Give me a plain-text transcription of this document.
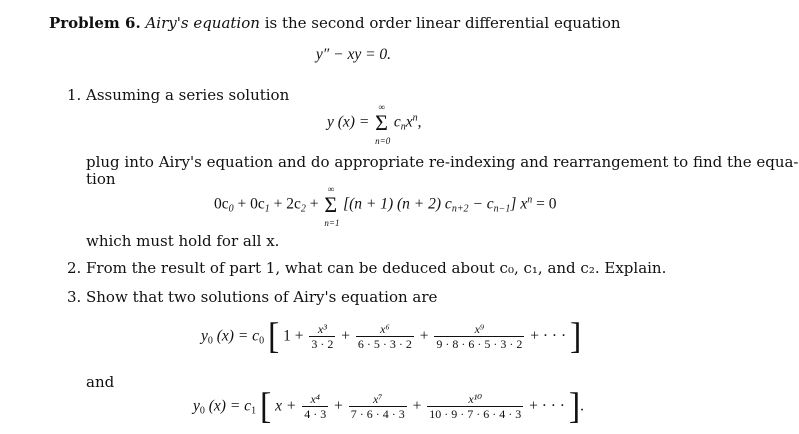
Problem 6. Airy's equation is the second order linear differential equation
y″ − xy = 0.
1. Assuming a series solution
y (x) =
∞
Σ
n=0
$c_nx^n$,
plug into Airy's equation and do appropriate re-indexing and rearrangement to find the equa-
tion
$0c_0 + 0c_1 + 2c_2$ +
∞
Σ
n=1
[(n + 1) (n + 2) $c_{n+2} - c_{n-1}$] $x^n = 0$
which must hold for all x.
2. From the result of part 1, what can be deduced about c₀, c₁, and c₂. Explain.
3. Show that two solutions of Airy's equation are
$y_0$ $(x) = c_0$ [ $1 + \frac{\text{x³}}{3 \cdot 2} + \frac{\text{x⁶}}{6 \cdot 5 \cdot 3 \cdot 2} + \frac{\text{x⁹}}{9 \cdot 8 \cdot 6 \cdot 5 \cdot 3 \cdot 2}$ + · · · ]
and
$y_0$ $(x) = c_1$ [ $x + \frac{\text{x⁴}}{4 \cdot 3} + \frac{\text{x⁷}}{7 \cdot 6 \cdot 4 \cdot 3} + \frac{\text{x¹⁰}}{10 \cdot 9 \cdot 7 \cdot 6 \cdot 4 \cdot 3}$ + · · · ].
